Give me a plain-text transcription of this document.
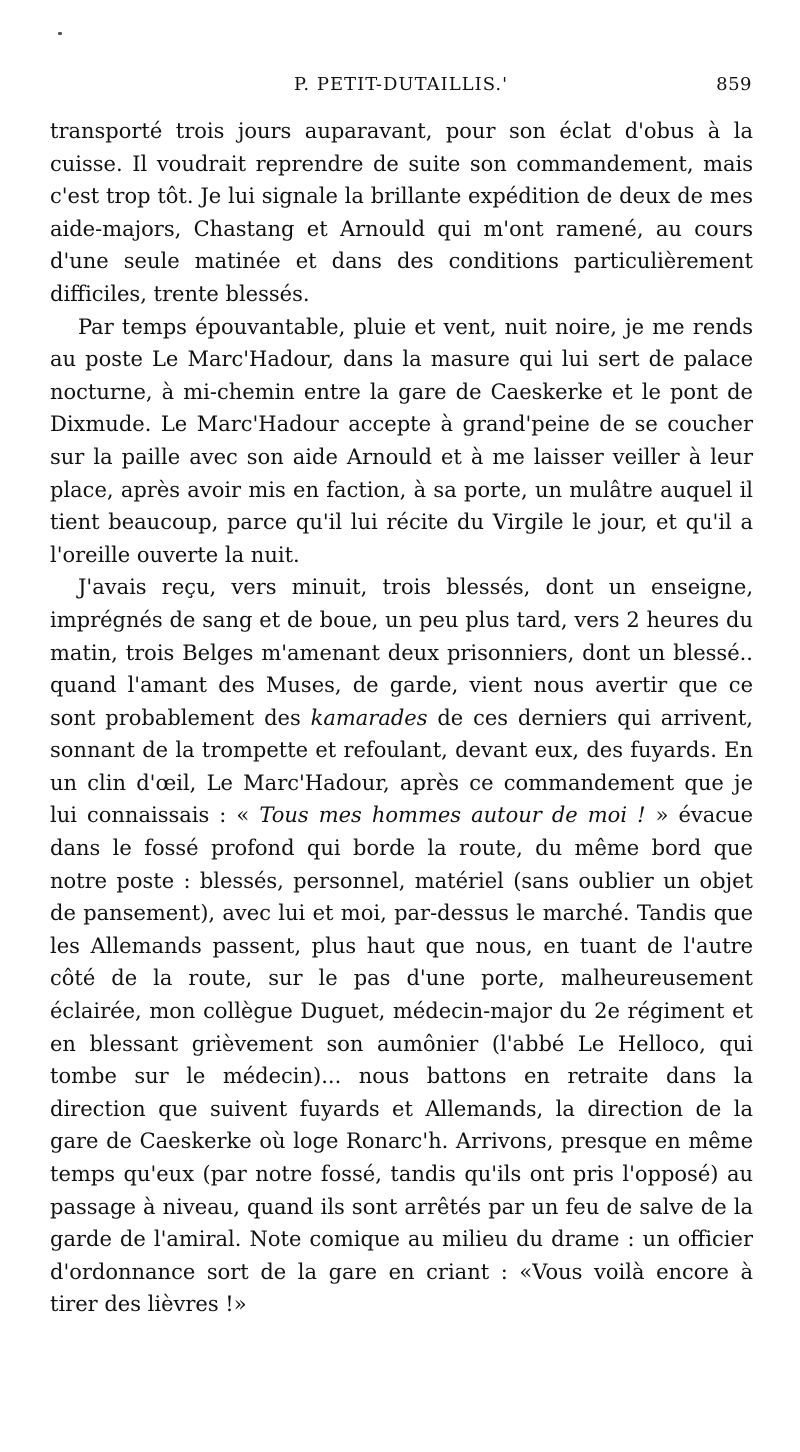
P. PETIT-DUTAILLIS.'	859

transporté trois jours auparavant, pour son éclat d'obus à la cuisse. Il voudrait reprendre de suite son commandement, mais c'est trop tôt. Je lui signale la brillante expédition de deux de mes aide-majors, Chastang et Arnould qui m'ont ramené, au cours d'une seule matinée et dans des conditions particulièrement difficiles, trente blessés.

Par temps épouvantable, pluie et vent, nuit noire, je me rends au poste Le Marc'Hadour, dans la masure qui lui sert de palace nocturne, à mi-chemin entre la gare de Caeskerke et le pont de Dixmude. Le Marc'Hadour accepte à grand'peine de se coucher sur la paille avec son aide Arnould et à me laisser veiller à leur place, après avoir mis en faction, à sa porte, un mulâtre auquel il tient beaucoup, parce qu'il lui récite du Virgile le jour, et qu'il a l'oreille ouverte la nuit.

J'avais reçu, vers minuit, trois blessés, dont un enseigne, imprégnés de sang et de boue, un peu plus tard, vers 2 heures du matin, trois Belges m'amenant deux prisonniers, dont un blessé.. quand l'amant des Muses, de garde, vient nous avertir que ce sont probablement des kamarades de ces derniers qui arrivent, sonnant de la trompette et refoulant, devant eux, des fuyards. En un clin d'œil, Le Marc'Hadour, après ce commandement que je lui connaissais : « Tous mes hommes autour de moi ! » évacue dans le fossé profond qui borde la route, du même bord que notre poste : blessés, personnel, matériel (sans oublier un objet de pansement), avec lui et moi, par-dessus le marché. Tandis que les Allemands passent, plus haut que nous, en tuant de l'autre côté de la route, sur le pas d'une porte, malheureusement éclairée, mon collègue Duguet, médecin-major du 2e régiment et en blessant grièvement son aumônier (l'abbé Le Helloco, qui tombe sur le médecin)... nous battons en retraite dans la direction que suivent fuyards et Allemands, la direction de la gare de Caeskerke où loge Ronarc'h. Arrivons, presque en même temps qu'eux (par notre fossé, tandis qu'ils ont pris l'opposé) au passage à niveau, quand ils sont arrêtés par un feu de salve de la garde de l'amiral. Note comique au milieu du drame : un officier d'ordonnance sort de la gare en criant : «Vous voilà encore à tirer des lièvres !»
